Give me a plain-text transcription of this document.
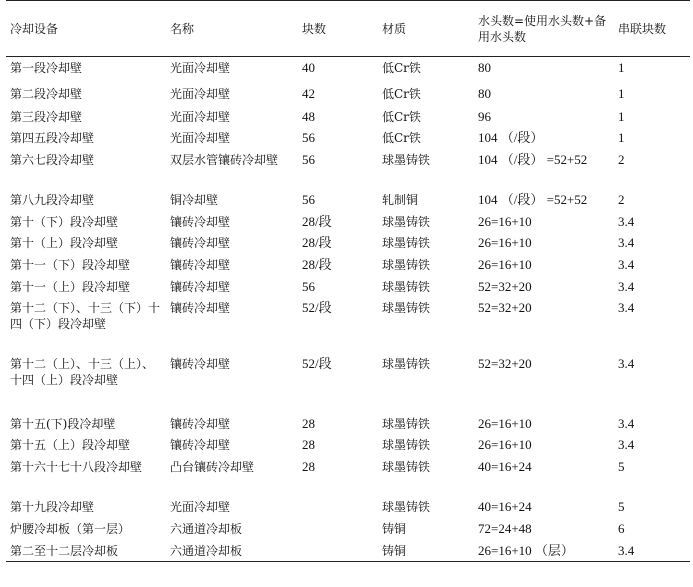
冷却设备	名称	块数	材质	水头数=使用水头数+备用水头数	串联块数
第一段冷却壁	光面冷却壁	40	低Cr铁	80	1
第二段冷却壁	光面冷却壁	42	低Cr铁	80	1
第三段冷却壁	光面冷却壁	48	低Cr铁	96	1
第四五段冷却壁	光面冷却壁	56	低Cr铁	104 （/段）	1
第六七段冷却壁	双层水管镶砖冷却壁	56	球墨铸铁	104 （/段） =52+52	2
第八九段冷却壁	铜冷却壁	56	轧制铜	104 （/段） =52+52	2
第十（下）段冷却壁	镶砖冷却壁	28/段	球墨铸铁	26=16+10	3.4
第十（上）段冷却壁	镶砖冷却壁	28/段	球墨铸铁	26=16+10	3.4
第十一（下）段冷却壁	镶砖冷却壁	28/段	球墨铸铁	26=16+10	3.4
第十一（上）段冷却壁	镶砖冷却壁	56	球墨铸铁	52=32+20	3.4
第十二（下）、十三（下）十四（下）段冷却壁	镶砖冷却壁	52/段	球墨铸铁	52=32+20	3.4
第十二（上）、十三（上）、十四（上）段冷却壁	镶砖冷却壁	52/段	球墨铸铁	52=32+20	3.4
第十五(下)段冷却壁	镶砖冷却壁	28	球墨铸铁	26=16+10	3.4
第十五（上）段冷却壁	镶砖冷却壁	28	球墨铸铁	26=16+10	3.4
第十六十七十八段冷却壁	凸台镶砖冷却壁	28	球墨铸铁	40=16+24	5
第十九段冷却壁	光面冷却壁		球墨铸铁	40=16+24	5
炉腰冷却板（第一层）	六通道冷却板		铸铜	72=24+48	6
第二至十二层冷却板	六通道冷却板		铸铜	26=16+10 （层）	3.4
